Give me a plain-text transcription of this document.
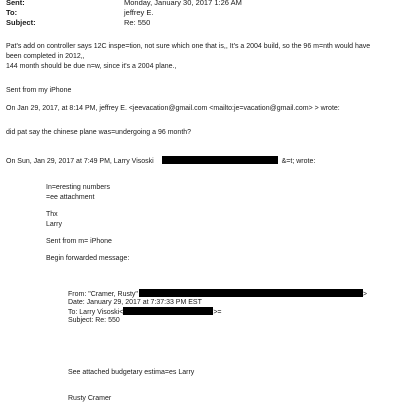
Sent:	Monday, January 30, 2017 1:26 AM
To:	jeffrey E.
Subject:	Re: 550
Pat's add on controller says 12C inspe=tion, not sure which one that is,, It's a 2004 build, so the 96 m=nth would have
been completed in 2012,,
144 month should be due n=w, since it's a 2004 plane.,
Sent from my iPhone
On Jan 29, 2017, at 8:14 PM, jeffrey E. <jeevacation@gmail.com <mailto:je=vacation@gmail.com> > wrote:
did pat say the chinese plane was=undergoing a 96 month?
On Sun, Jan 29, 2017 at 7:49 PM, Larry Visoski	&=t; wrote:
In=eresting numbers
=ee attachment
Thx
Larry
Sent from m= iPhone
Begin forwarded message:
From: "Cramer, Rusty"	>
Date: January 29, 2017 at 7:37:33 PM EST
To: Larry Visoski<	>=
Subject: Re: 550
See attached budgetary estima=es Larry
Rusty Cramer
